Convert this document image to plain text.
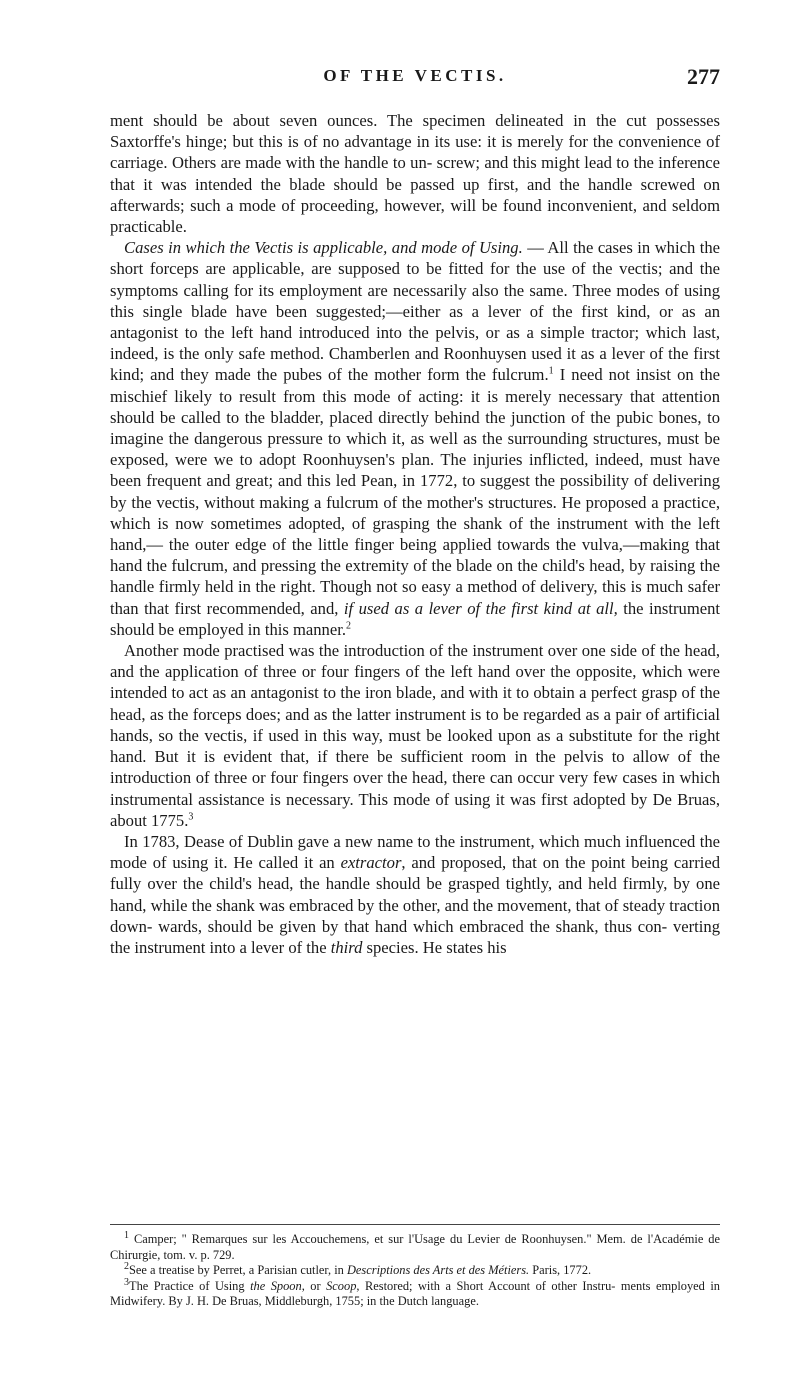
OF THE VECTIS.	277

ment should be about seven ounces. The specimen delineated in the cut possesses Saxtorffe's hinge; but this is of no advantage in its use: it is merely for the convenience of carriage. Others are made with the handle to un- screw; and this might lead to the inference that it was intended the blade should be passed up first, and the handle screwed on afterwards; such a mode of proceeding, however, will be found inconvenient, and seldom practicable.

Cases in which the Vectis is applicable, and mode of Using. — All the cases in which the short forceps are applicable, are supposed to be fitted for the use of the vectis; and the symptoms calling for its employment are necessarily also the same. Three modes of using this single blade have been suggested;—either as a lever of the first kind, or as an antagonist to the left hand introduced into the pelvis, or as a simple tractor; which last, indeed, is the only safe method. Chamberlen and Roonhuysen used it as a lever of the first kind; and they made the pubes of the mother form the fulcrum.$^1$ I need not insist on the mischief likely to result from this mode of acting: it is merely necessary that attention should be called to the bladder, placed directly behind the junction of the pubic bones, to imagine the dangerous pressure to which it, as well as the surrounding structures, must be exposed, were we to adopt Roonhuysen's plan. The injuries inflicted, indeed, must have been frequent and great; and this led Pean, in 1772, to suggest the possibility of delivering by the vectis, without making a fulcrum of the mother's structures. He proposed a practice, which is now sometimes adopted, of grasping the shank of the instrument with the left hand,— the outer edge of the little finger being applied towards the vulva,—making that hand the fulcrum, and pressing the extremity of the blade on the child's head, by raising the handle firmly held in the right. Though not so easy a method of delivery, this is much safer than that first recommended, and, if used as a lever of the first kind at all, the instrument should be employed in this manner.$^2$

Another mode practised was the introduction of the instrument over one side of the head, and the application of three or four fingers of the left hand over the opposite, which were intended to act as an antagonist to the iron blade, and with it to obtain a perfect grasp of the head, as the forceps does; and as the latter instrument is to be regarded as a pair of artificial hands, so the vectis, if used in this way, must be looked upon as a substitute for the right hand. But it is evident that, if there be sufficient room in the pelvis to allow of the introduction of three or four fingers over the head, there can occur very few cases in which instrumental assistance is necessary. This mode of using it was first adopted by De Bruas, about 1775.$^3$

In 1783, Dease of Dublin gave a new name to the instrument, which much influenced the mode of using it. He called it an extractor, and proposed, that on the point being carried fully over the child's head, the handle should be grasped tightly, and held firmly, by one hand, while the shank was embraced by the other, and the movement, that of steady traction down- wards, should be given by that hand which embraced the shank, thus con- verting the instrument into a lever of the third species. He states his

$^1$ Camper; " Remarques sur les Accouchemens, et sur l'Usage du Levier de Roonhuysen." Mem. de l'Académie de Chirurgie, tom. v. p. 729.

$^2$See a treatise by Perret, a Parisian cutler, in Descriptions des Arts et des Métiers. Paris, 1772.

$^3$The Practice of Using the Spoon, or Scoop, Restored; with a Short Account of other Instru- ments employed in Midwifery. By J. H. De Bruas, Middleburgh, 1755; in the Dutch language.
